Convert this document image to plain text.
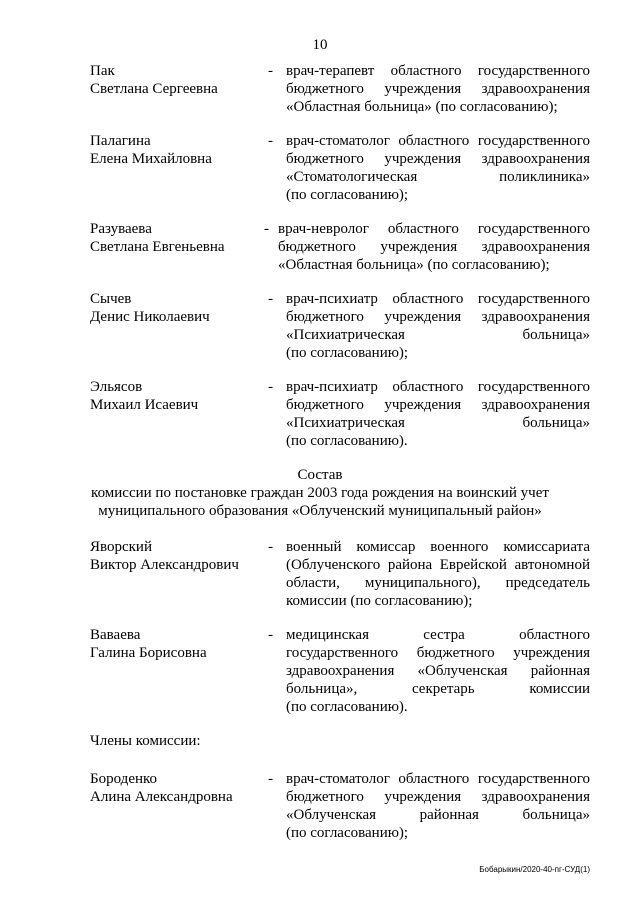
10
Пак
Светлана Сергеевна
- врач-терапевт областного государственного
бюджетного учреждения здравоохранения
«Областная больница» (по согласованию);
Палагина
Елена Михайловна
- врач-стоматолог областного государственного
бюджетного учреждения здравоохранения
«Стоматологическая поликлиника»
(по согласованию);
Разуваева
Светлана Евгеньевна
- врач-невролог областного государственного
бюджетного учреждения здравоохранения
«Областная больница» (по согласованию);
Сычев
Денис Николаевич
- врач-психиатр областного государственного
бюджетного учреждения здравоохранения
«Психиатрическая больница»
(по согласованию);
Эльясов
Михаил Исаевич
- врач-психиатр областного государственного
бюджетного учреждения здравоохранения
«Психиатрическая больница»
(по согласованию).
Состав
комиссии по постановке граждан 2003 года рождения на воинский учет
муниципального образования «Облученский муниципальный район»
Яворский
Виктор Александрович
- военный комиссар военного комиссариата
(Облученского района Еврейской автономной
области, муниципального), председатель
комиссии (по согласованию);
Ваваева
Галина Борисовна
- медицинская сестра областного
государственного бюджетного учреждения
здравоохранения «Облученская районная
больница», секретарь комиссии
(по согласованию).
Члены комиссии:
Бороденко
Алина Александровна
- врач-стоматолог областного государственного
бюджетного учреждения здравоохранения
«Облученская районная больница»
(по согласованию);
Бобарыкин/2020-40-пг-СУД(1)
